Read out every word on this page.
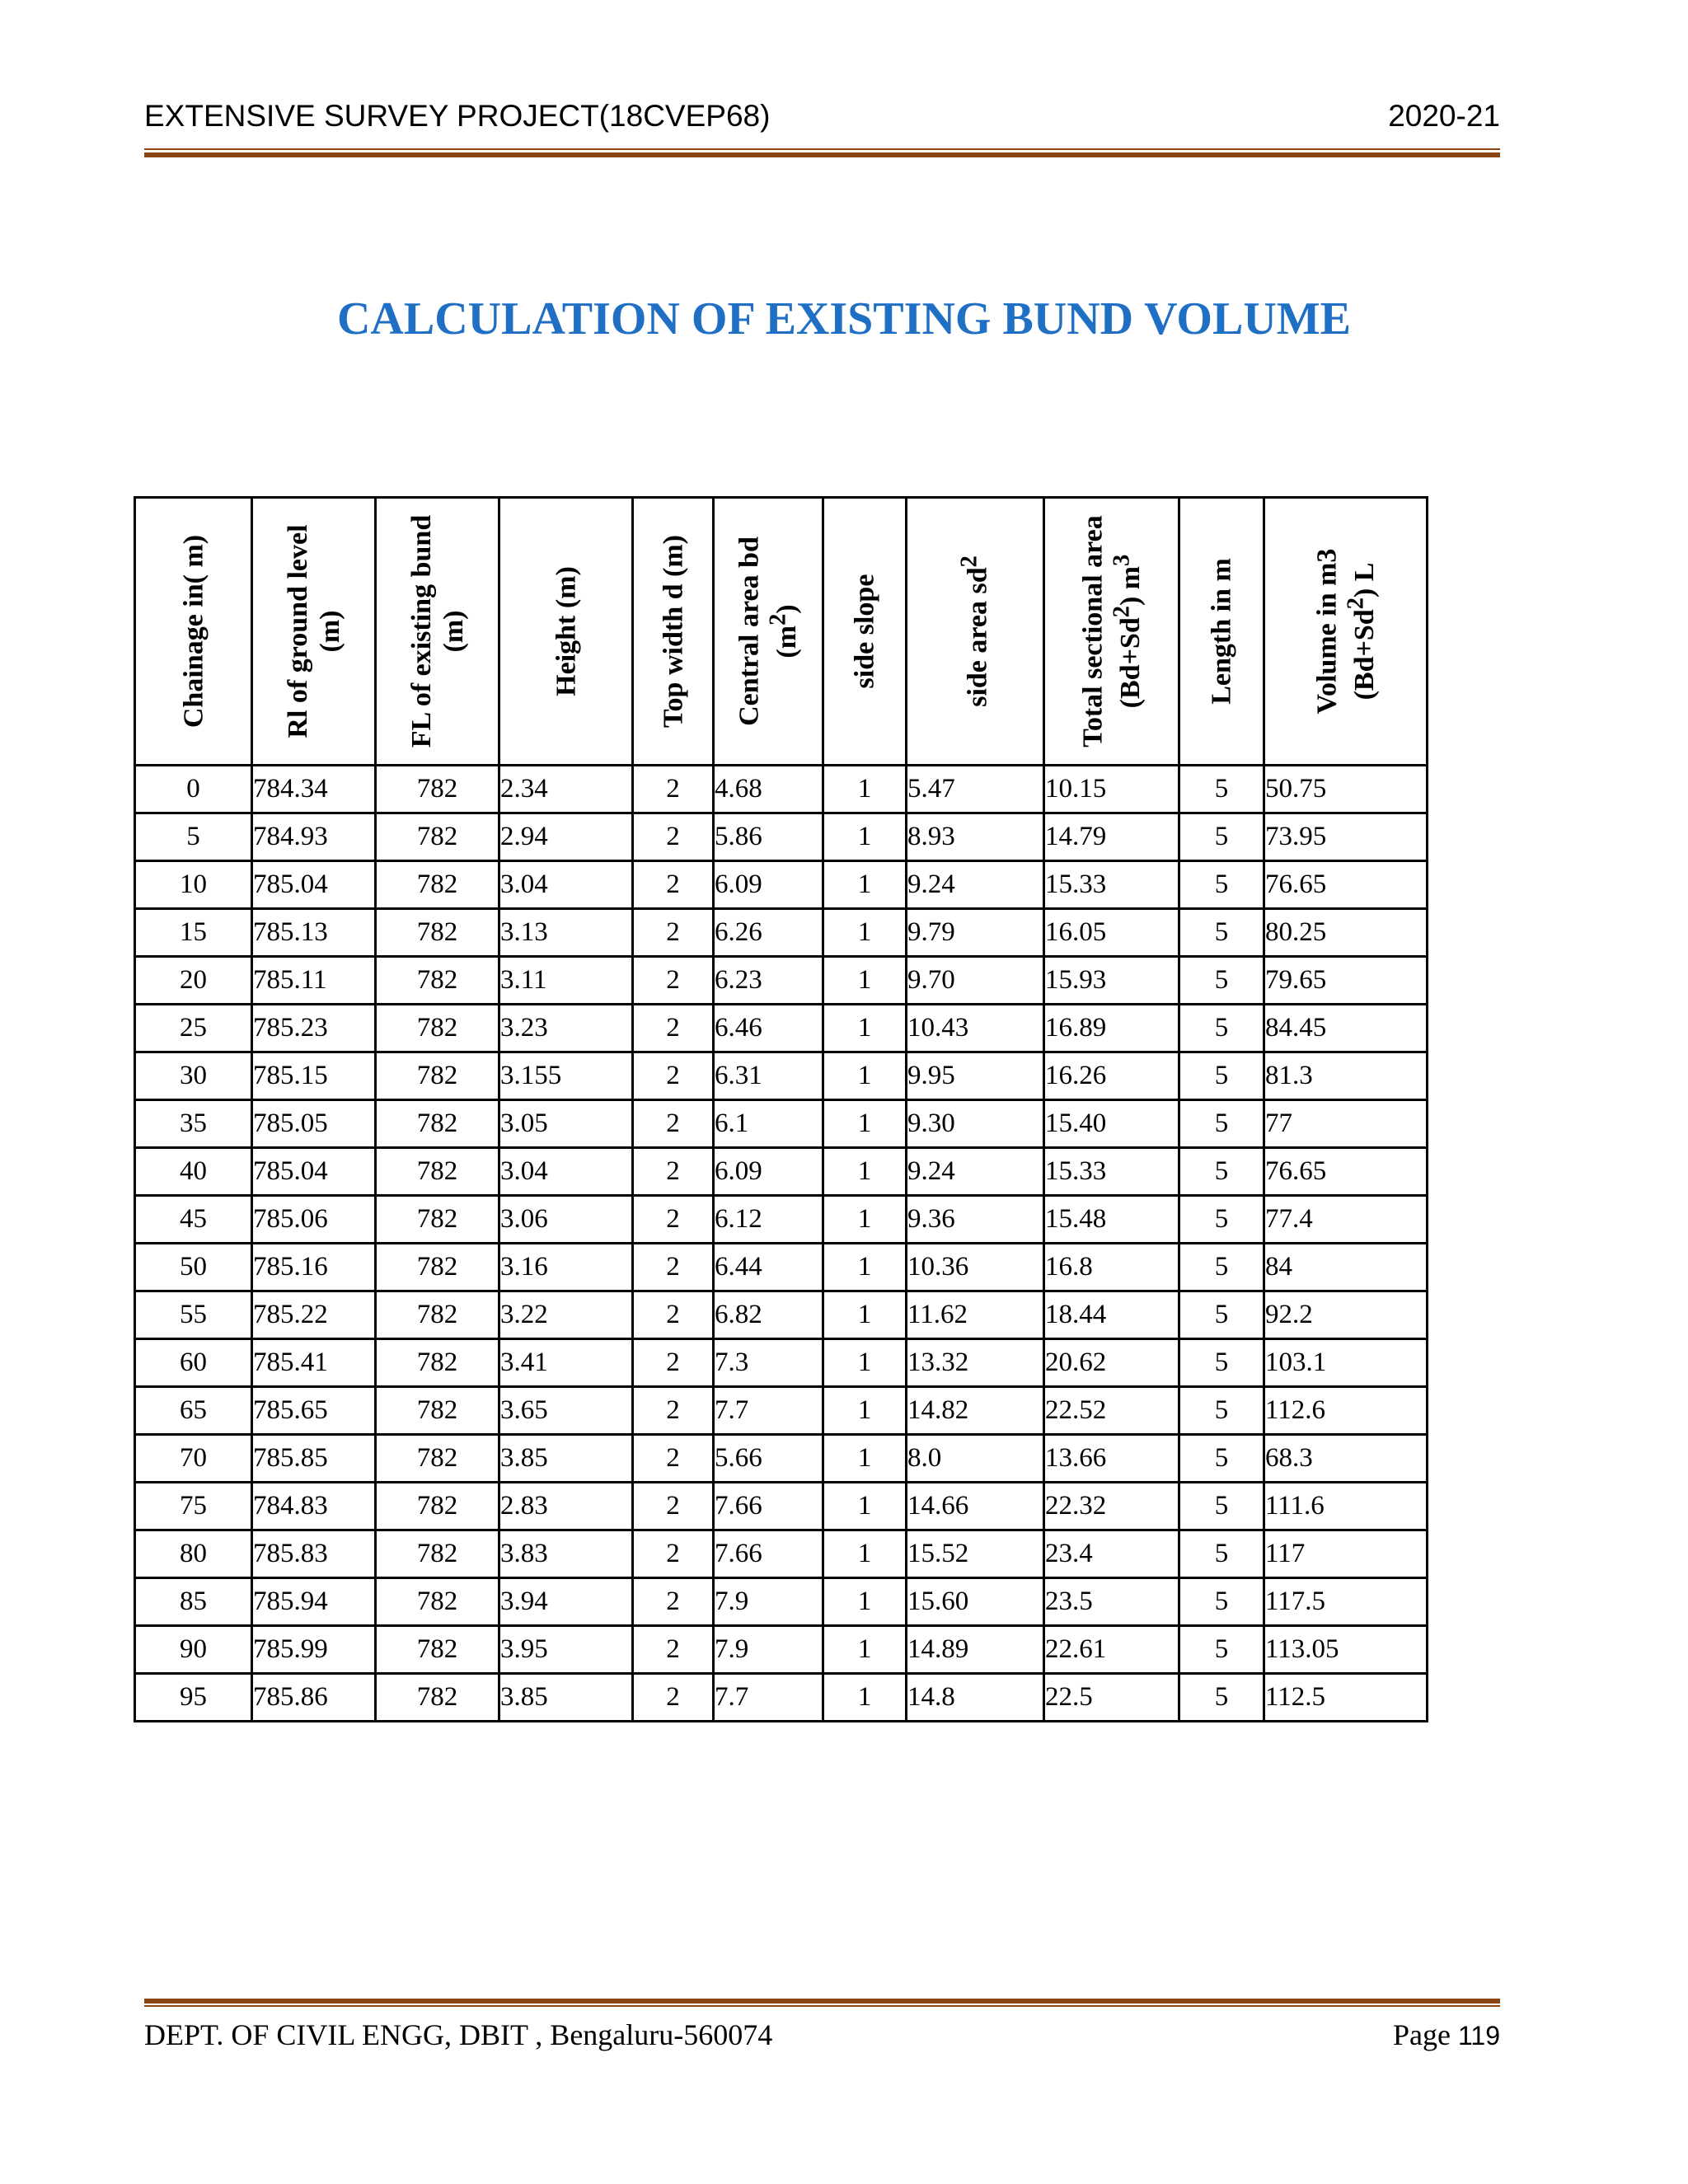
EXTENSIVE SURVEY PROJECT(18CVEP68)	2020-21
CALCULATION OF EXISTING BUND VOLUME
Chainage in( m)	Rl of ground level (m)	FL of existing bund (m)	Height (m)	Top width d (m)	Central area bd $(m^2)$	side slope	side area $sd^2$	Total sectional area $(Bd+Sd^2)$ $m^3$	Length in m	Volume in m3 $(Bd+Sd^2)$ L

0	784.34	782	2.34	2	4.68	1	5.47	10.15	5	50.75
5	784.93	782	2.94	2	5.86	1	8.93	14.79	5	73.95
10	785.04	782	3.04	2	6.09	1	9.24	15.33	5	76.65
15	785.13	782	3.13	2	6.26	1	9.79	16.05	5	80.25
20	785.11	782	3.11	2	6.23	1	9.70	15.93	5	79.65
25	785.23	782	3.23	2	6.46	1	10.43	16.89	5	84.45
30	785.15	782	3.155	2	6.31	1	9.95	16.26	5	81.3
35	785.05	782	3.05	2	6.1	1	9.30	15.40	5	77
40	785.04	782	3.04	2	6.09	1	9.24	15.33	5	76.65
45	785.06	782	3.06	2	6.12	1	9.36	15.48	5	77.4
50	785.16	782	3.16	2	6.44	1	10.36	16.8	5	84
55	785.22	782	3.22	2	6.82	1	11.62	18.44	5	92.2
60	785.41	782	3.41	2	7.3	1	13.32	20.62	5	103.1
65	785.65	782	3.65	2	7.7	1	14.82	22.52	5	112.6
70	785.85	782	3.85	2	5.66	1	8.0	13.66	5	68.3
75	784.83	782	2.83	2	7.66	1	14.66	22.32	5	111.6
80	785.83	782	3.83	2	7.66	1	15.52	23.4	5	117
85	785.94	782	3.94	2	7.9	1	15.60	23.5	5	117.5
90	785.99	782	3.95	2	7.9	1	14.89	22.61	5	113.05
95	785.86	782	3.85	2	7.7	1	14.8	22.5	5	112.5
DEPT. OF CIVIL ENGG, DBIT , Bengaluru-560074	Page 119
